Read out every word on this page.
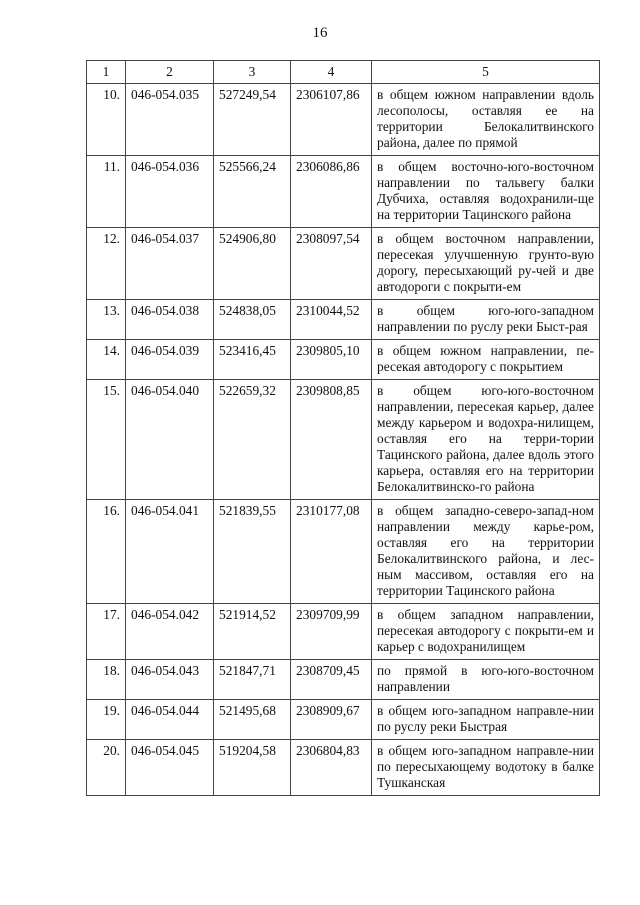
16
1	2	3	4	5
10.	046-054.035	527249,54	2306107,86	в общем южном направлении вдоль лесополосы, оставляя ее на территории Белокалитвинского района, далее по прямой
11.	046-054.036	525566,24	2306086,86	в общем восточно-юго-восточном направлении по тальвегу балки Дубчиха, оставляя водохранили-ще на территории Тацинского района
12.	046-054.037	524906,80	2308097,54	в общем восточном направлении, пересекая улучшенную грунто-вую дорогу, пересыхающий ру-чей и две автодороги с покрыти-ем
13.	046-054.038	524838,05	2310044,52	в общем юго-юго-западном направлении по руслу реки Быст-рая
14.	046-054.039	523416,45	2309805,10	в общем южном направлении, пе-ресекая автодорогу с покрытием
15.	046-054.040	522659,32	2309808,85	в общем юго-юго-восточном направлении, пересекая карьер, далее между карьером и водохра-нилищем, оставляя его на терри-тории Тацинского района, далее вдоль этого карьера, оставляя его на территории Белокалитвинско-го района
16.	046-054.041	521839,55	2310177,08	в общем западно-северо-запад-ном направлении между карье-ром, оставляя его на территории Белокалитвинского района, и лес-ным массивом, оставляя его на территории Тацинского района
17.	046-054.042	521914,52	2309709,99	в общем западном направлении, пересекая автодорогу с покрыти-ем и карьер с водохранилищем
18.	046-054.043	521847,71	2308709,45	по прямой в юго-юго-восточном направлении
19.	046-054.044	521495,68	2308909,67	в общем юго-западном направле-нии по руслу реки Быстрая
20.	046-054.045	519204,58	2306804,83	в общем юго-западном направле-нии по пересыхающему водотоку в балке Тушканская
